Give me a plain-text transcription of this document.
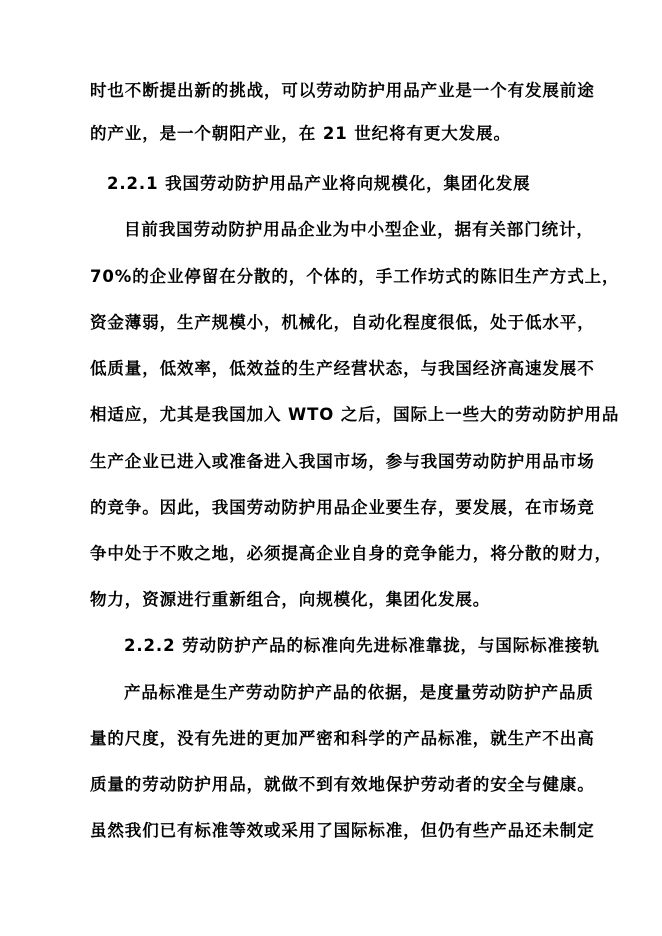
时也不断提出新的挑战，可以劳动防护用品产业是一个有发展前途
的产业，是一个朝阳产业，在 21 世纪将有更大发展。
2.2.1 我国劳动防护用品产业将向规模化，集团化发展
目前我国劳动防护用品企业为中小型企业，据有关部门统计，
70%的企业停留在分散的，个体的，手工作坊式的陈旧生产方式上，
资金薄弱，生产规模小，机械化，自动化程度很低，处于低水平，
低质量，低效率，低效益的生产经营状态，与我国经济高速发展不
相适应，尤其是我国加入 WTO 之后，国际上一些大的劳动防护用品
生产企业已进入或准备进入我国市场，参与我国劳动防护用品市场
的竞争。因此，我国劳动防护用品企业要生存，要发展，在市场竞
争中处于不败之地，必须提高企业自身的竞争能力，将分散的财力，
物力，资源进行重新组合，向规模化，集团化发展。
2.2.2 劳动防护产品的标准向先进标准靠拢，与国际标准接轨
产品标准是生产劳动防护产品的依据，是度量劳动防护产品质
量的尺度，没有先进的更加严密和科学的产品标准，就生产不出高
质量的劳动防护用品，就做不到有效地保护劳动者的安全与健康。
虽然我们已有标准等效或采用了国际标准，但仍有些产品还未制定
